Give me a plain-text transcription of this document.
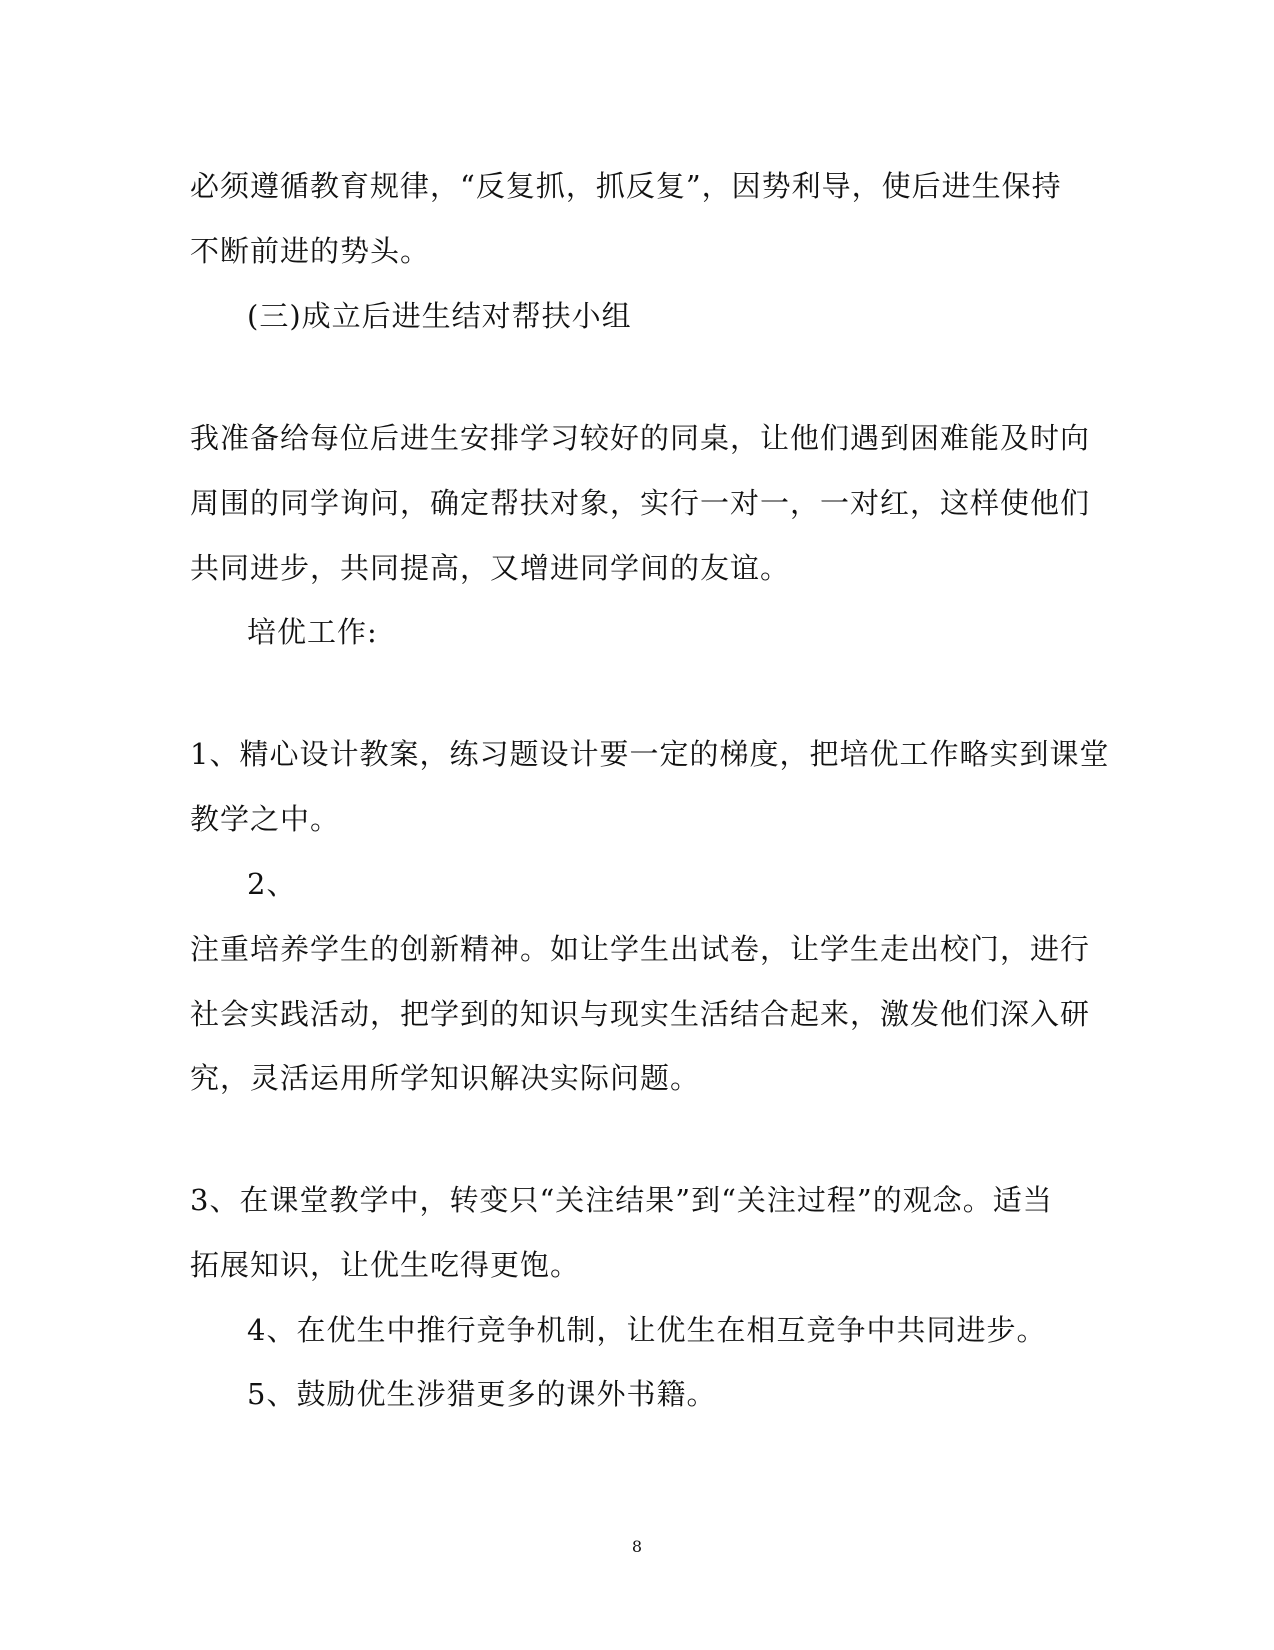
必须遵循教育规律，“反复抓，抓反复”，因势利导，使后进生保持
不断前进的势头。
(三)成立后进生结对帮扶小组
我准备给每位后进生安排学习较好的同桌，让他们遇到困难能及时向
周围的同学询问，确定帮扶对象，实行一对一，一对红，这样使他们
共同进步，共同提高，又增进同学间的友谊。
培优工作:
1、精心设计教案，练习题设计要一定的梯度，把培优工作略实到课堂
教学之中。
2、
注重培养学生的创新精神。如让学生出试卷，让学生走出校门，进行
社会实践活动，把学到的知识与现实生活结合起来，激发他们深入研
究，灵活运用所学知识解决实际问题。
3、在课堂教学中，转变只“关注结果”到“关注过程”的观念。适当
拓展知识，让优生吃得更饱。
4、在优生中推行竞争机制，让优生在相互竞争中共同进步。
5、鼓励优生涉猎更多的课外书籍。
8
